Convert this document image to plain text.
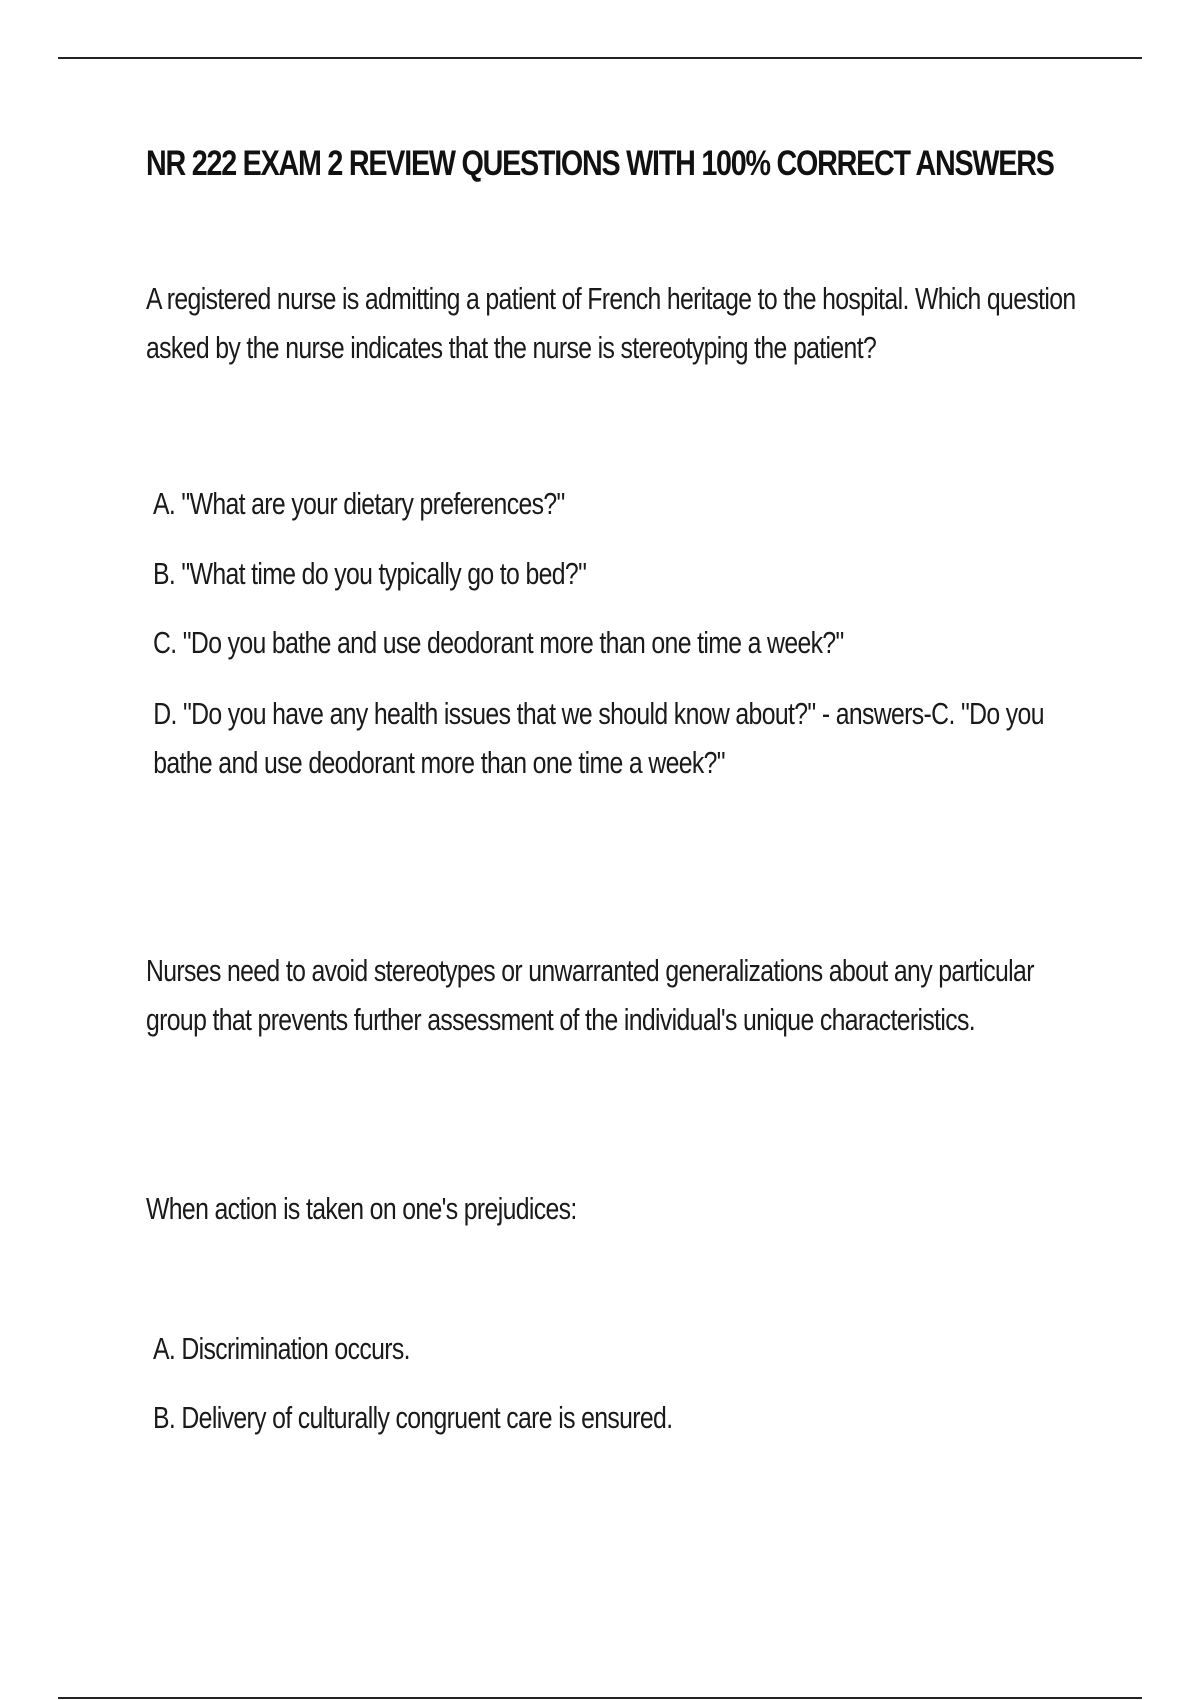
NR 222 EXAM 2 REVIEW QUESTIONS WITH 100% CORRECT ANSWERS

A registered nurse is admitting a patient of French heritage to the hospital. Which question asked by the nurse indicates that the nurse is stereotyping the patient?

A. "What are your dietary preferences?"

B. "What time do you typically go to bed?"

C. "Do you bathe and use deodorant more than one time a week?"

D. "Do you have any health issues that we should know about?" - answers-C. "Do you bathe and use deodorant more than one time a week?"

Nurses need to avoid stereotypes or unwarranted generalizations about any particular group that prevents further assessment of the individual's unique characteristics.

When action is taken on one's prejudices:

A. Discrimination occurs.

B. Delivery of culturally congruent care is ensured.
